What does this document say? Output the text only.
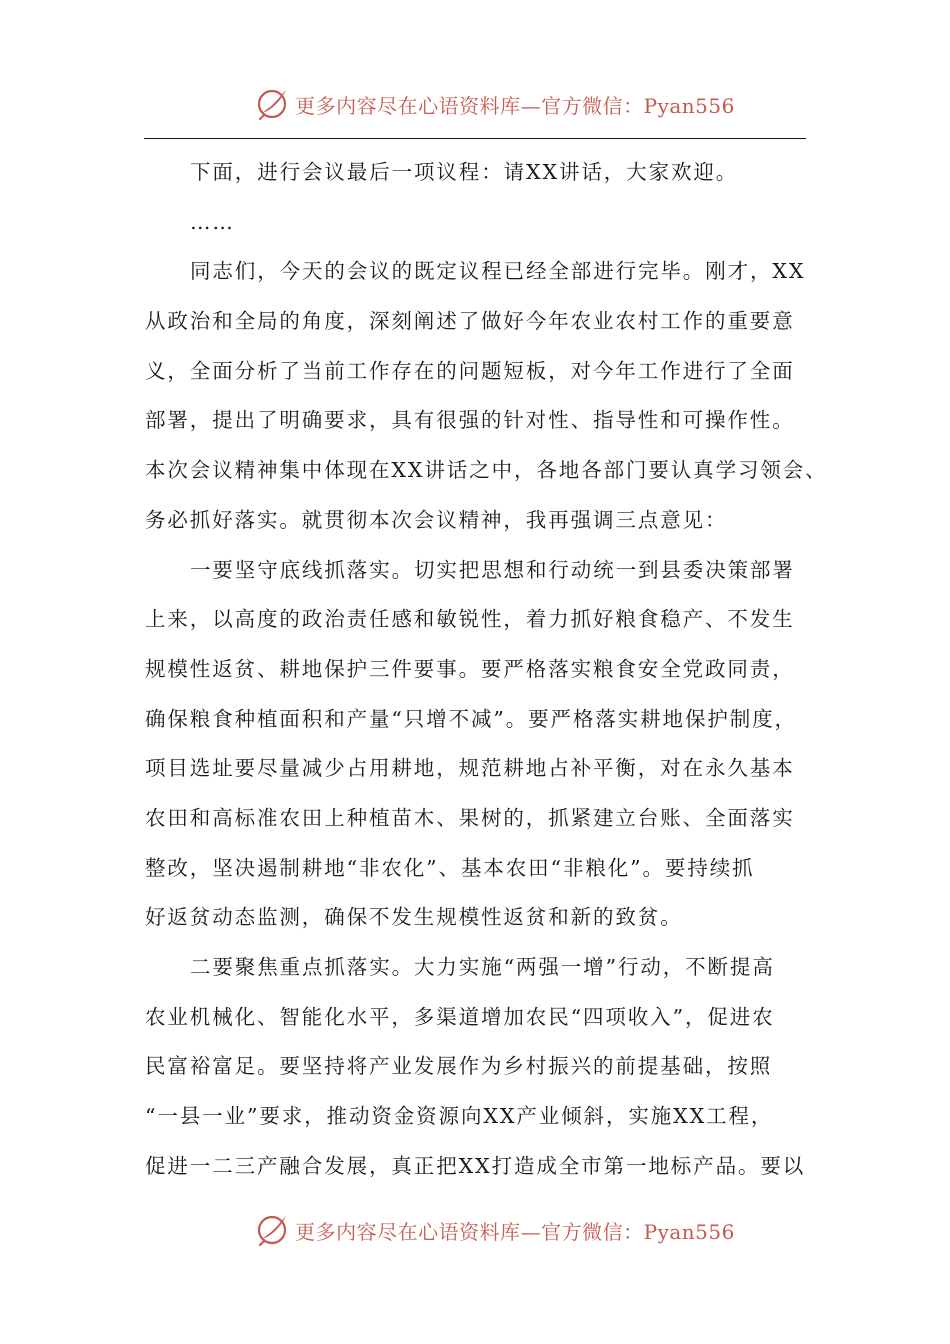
更多内容尽在心语资料库—官方微信：Pyan556
下面，进行会议最后一项议程：请XX讲话，大家欢迎。
……
同志们，今天的会议的既定议程已经全部进行完毕。刚才，XX
从政治和全局的角度，深刻阐述了做好今年农业农村工作的重要意
义，全面分析了当前工作存在的问题短板，对今年工作进行了全面
部署，提出了明确要求，具有很强的针对性、指导性和可操作性。
本次会议精神集中体现在XX讲话之中，各地各部门要认真学习领会、
务必抓好落实。就贯彻本次会议精神，我再强调三点意见：
一要坚守底线抓落实。切实把思想和行动统一到县委决策部署
上来，以高度的政治责任感和敏锐性，着力抓好粮食稳产、不发生
规模性返贫、耕地保护三件要事。要严格落实粮食安全党政同责，
确保粮食种植面积和产量“只增不减”。要严格落实耕地保护制度，
项目选址要尽量减少占用耕地，规范耕地占补平衡，对在永久基本
农田和高标准农田上种植苗木、果树的，抓紧建立台账、全面落实
整改，坚决遏制耕地“非农化”、基本农田“非粮化”。要持续抓
好返贫动态监测，确保不发生规模性返贫和新的致贫。
二要聚焦重点抓落实。大力实施“两强一增”行动，不断提高
农业机械化、智能化水平，多渠道增加农民“四项收入”，促进农
民富裕富足。要坚持将产业发展作为乡村振兴的前提基础，按照
“一县一业”要求，推动资金资源向XX产业倾斜，实施XX工程，
促进一二三产融合发展，真正把XX打造成全市第一地标产品。要以
更多内容尽在心语资料库—官方微信：Pyan556
